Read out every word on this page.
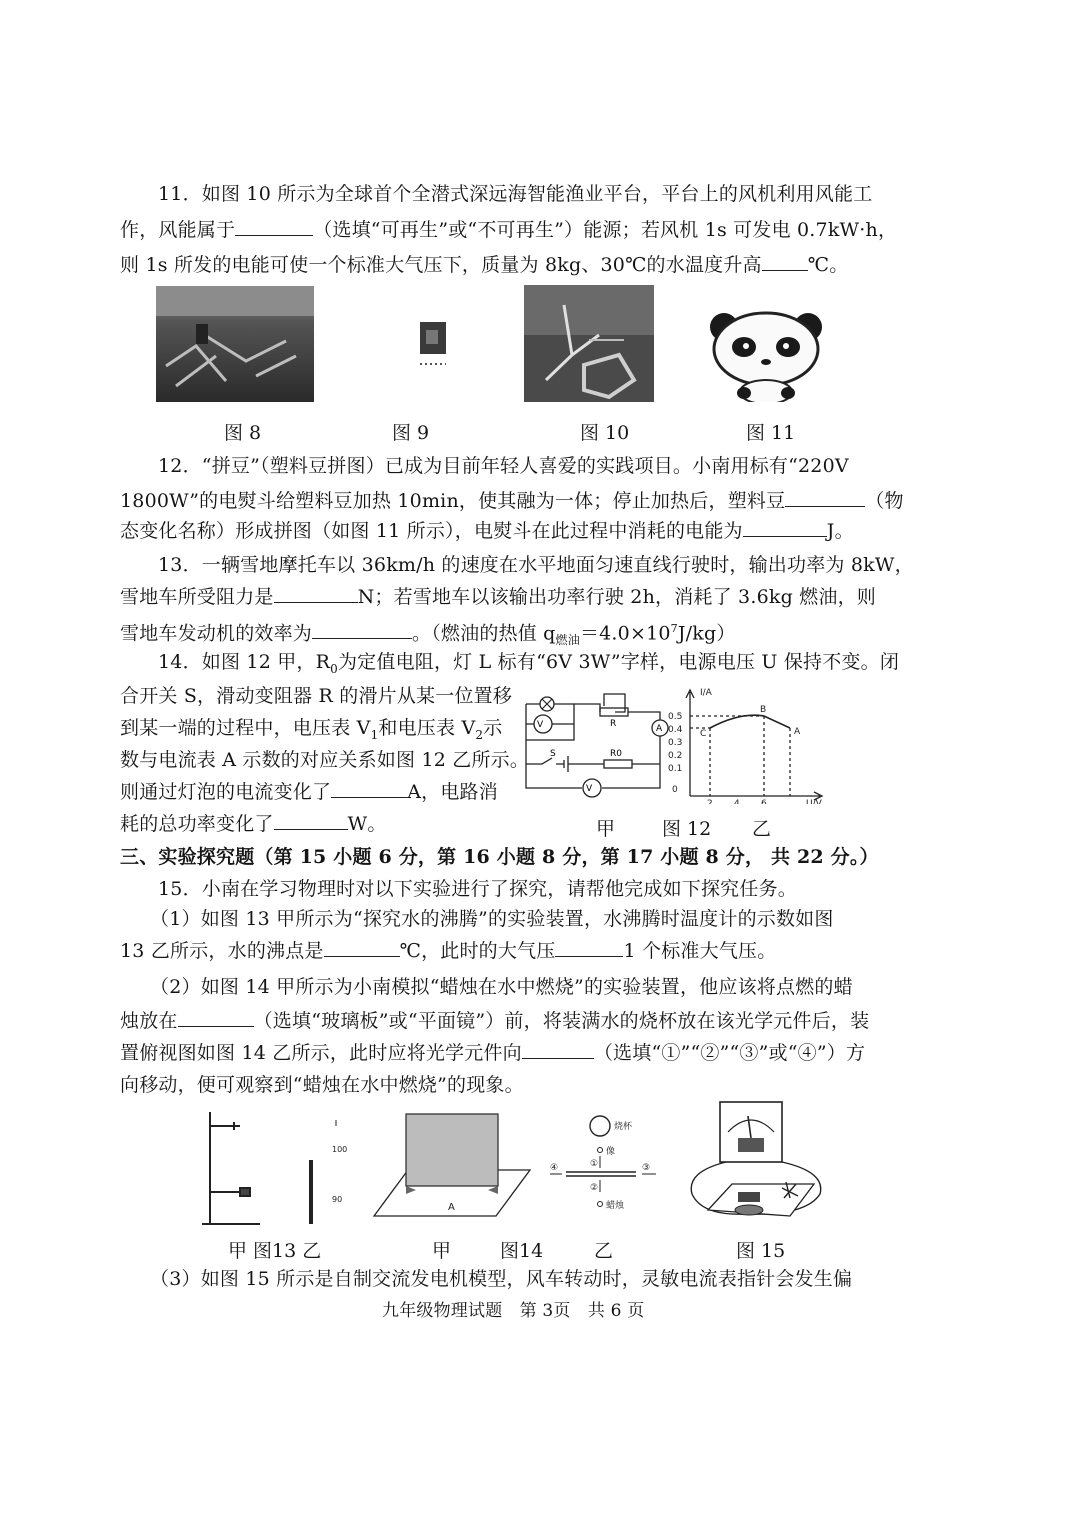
11．如图 10 所示为全球首个全潜式深远海智能渔业平台，平台上的风机利用风能工
作，风能属于	（选填“可再生”或“不可再生”）能源；若风机 1s 可发电 0.7kW·h，
则 1s 所发的电能可使一个标准大气压下，质量为 8kg、30℃的水温度升高 ℃。
图 8	图 9	图 10	图 11
12．“拼豆”（塑料豆拼图）已成为目前年轻人喜爱的实践项目。小南用标有“220V
1800W”的电熨斗给塑料豆加热 10min，使其融为一体；停止加热后，塑料豆	（物
态变化名称）形成拼图（如图 11 所示），电熨斗在此过程中消耗的电能为	J。
13．一辆雪地摩托车以 36km/h 的速度在水平地面匀速直线行驶时，输出功率为 8kW，
雪地车所受阻力是	N；若雪地车以该输出功率行驶 2h，消耗了 3.6kg 燃油，则
雪地车发动机的效率为	。（燃油的热值 $q_{燃油}=4.0\times 10^7J/kg$）
14．如图 12 甲，$R_0$为定值电阻，灯 L 标有“6V 3W”字样，电源电压 U 保持不变。闭
合开关 S，滑动变阻器 R 的滑片从某一位置移
到某一端的过程中，电压表 $V_1$和电压表 $V_2$示
数与电流表 A 示数的对应关系如图 12 乙所示。
则通过灯泡的电流变化了	A，电路消
耗的总功率变化了	W。
V	A
V
R
R0
S
I/A
U/V
0.5
0.4
0.3
0.2
0.1
0
2 4 6
C
B
A
甲 图 12 乙
三、实验探究题（第 15 小题 6 分，第 16 小题 8 分，第 17 小题 8 分， 共 22 分。）
15．小南在学习物理时对以下实验进行了探究，请帮他完成如下探究任务。
（1）如图 13 甲所示为“探究水的沸腾”的实验装置，水沸腾时温度计的示数如图
13 乙所示，水的沸点是	℃，此时的大气压	1 个标准大气压。
（2）如图 14 甲所示为小南模拟“蜡烛在水中燃烧”的实验装置，他应该将点燃的蜡
烛放在	（选填“玻璃板”或“平面镜”）前，将装满水的烧杯放在该光学元件后，装
置俯视图如图 14 乙所示，此时应将光学元件向	（选填“①”“②”“③”或“④”）方
向移动，便可观察到“蜡烛在水中燃烧”的现象。
100
90
A
烧杯
像
④	①	③
②
蜡烛
甲 图13 乙	甲	图14	乙	图 15
（3）如图 15 所示是自制交流发电机模型，风车转动时，灵敏电流表指针会发生偏
九年级物理试题　第 3页　共 6 页
